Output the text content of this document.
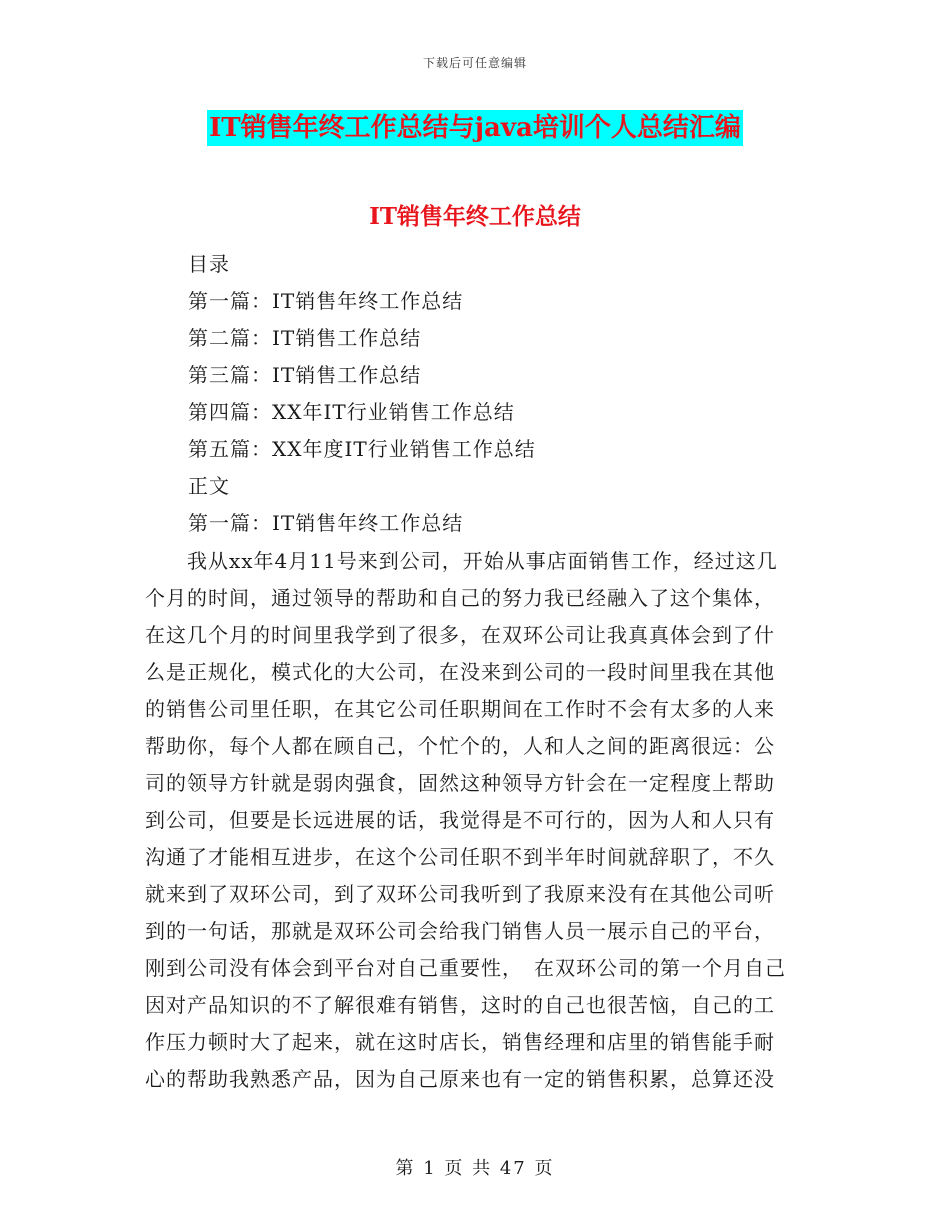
下载后可任意编辑
IT销售年终工作总结与java培训个人总结汇编
IT销售年终工作总结
目录
第一篇：IT销售年终工作总结
第二篇：IT销售工作总结
第三篇：IT销售工作总结
第四篇：XX年IT行业销售工作总结
第五篇：XX年度IT行业销售工作总结
正文
第一篇：IT销售年终工作总结
　　我从xx年4月11号来到公司，开始从事店面销售工作，经过这几
个月的时间，通过领导的帮助和自己的努力我已经融入了这个集体，
在这几个月的时间里我学到了很多，在双环公司让我真真体会到了什
么是正规化，模式化的大公司，在没来到公司的一段时间里我在其他
的销售公司里任职，在其它公司任职期间在工作时不会有太多的人来
帮助你，每个人都在顾自己，个忙个的，人和人之间的距离很远：公
司的领导方针就是弱肉强食，固然这种领导方针会在一定程度上帮助
到公司，但要是长远进展的话，我觉得是不可行的，因为人和人只有
沟通了才能相互进步，在这个公司任职不到半年时间就辞职了，不久
就来到了双环公司，到了双环公司我听到了我原来没有在其他公司听
到的一句话，那就是双环公司会给我门销售人员一展示自己的平台，
刚到公司没有体会到平台对自己重要性，　在双环公司的第一个月自己
因对产品知识的不了解很难有销售，这时的自己也很苦恼，自己的工
作压力顿时大了起来，就在这时店长，销售经理和店里的销售能手耐
心的帮助我熟悉产品，因为自己原来也有一定的销售积累，总算还没
第 1 页 共 47 页
